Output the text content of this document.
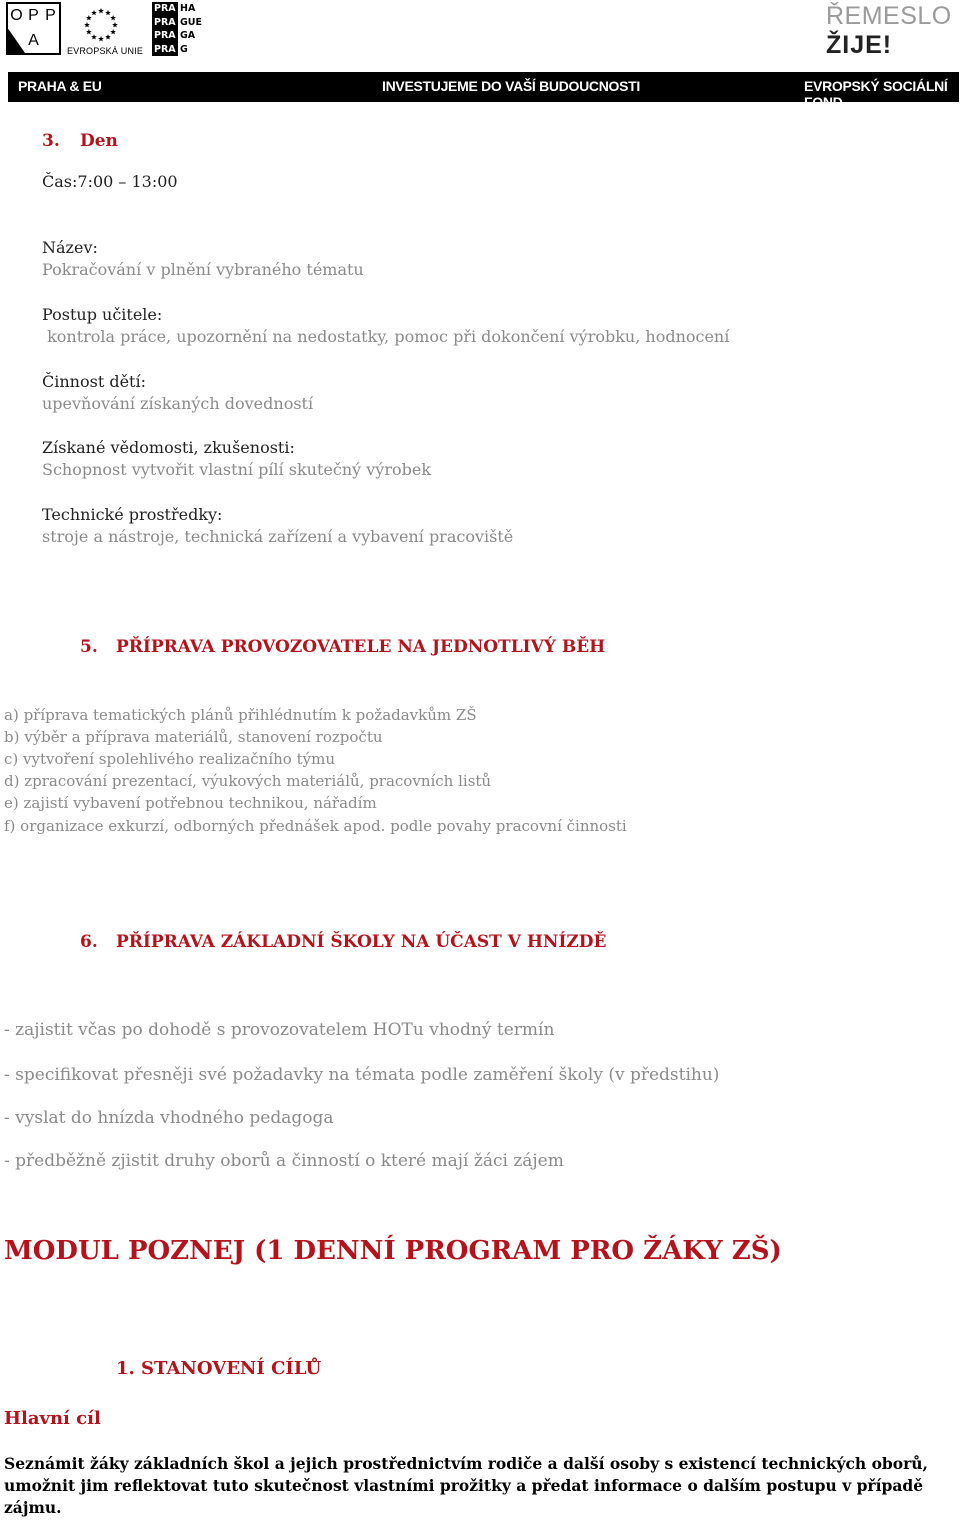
O P P
A
EVROPSKÁ UNIE
PRA
PRA
PRA
PRA
HA
GUE
GA
G
ŘEMESLO
ŽIJE!
PRAHA & EU	INVESTUJEME DO VAŠÍ BUDOUCNOSTI	EVROPSKÝ SOCIÁLNÍ FOND
3. Den
Čas:7:00 – 13:00
Název:
Pokračování v plnění vybraného tématu
Postup učitele:
kontrola práce, upozornění na nedostatky, pomoc při dokončení výrobku, hodnocení
Činnost dětí:
upevňování získaných dovedností
Získané vědomosti, zkušenosti:
Schopnost vytvořit vlastní pílí skutečný výrobek
Technické prostředky:
stroje a nástroje, technická zařízení a vybavení pracoviště
5. PŘÍPRAVA PROVOZOVATELE NA JEDNOTLIVÝ BĚH
a) příprava tematických plánů přihlédnutím k požadavkům ZŠ
b) výběr a příprava materiálů, stanovení rozpočtu
c) vytvoření spolehlivého realizačního týmu
d) zpracování prezentací, výukových materiálů, pracovních listů
e) zajistí vybavení potřebnou technikou, nářadím
f) organizace exkurzí, odborných přednášek apod. podle povahy pracovní činnosti
6. PŘÍPRAVA ZÁKLADNÍ ŠKOLY NA ÚČAST V HNÍZDĚ
- zajistit včas po dohodě s provozovatelem HOTu vhodný termín
- specifikovat přesněji své požadavky na témata podle zaměření školy (v předstihu)
- vyslat do hnízda vhodného pedagoga
- předběžně zjistit druhy oborů a činností o které mají žáci zájem
MODUL POZNEJ (1 DENNÍ PROGRAM PRO ŽÁKY ZŠ)
1. STANOVENÍ CÍLŮ
Hlavní cíl
Seznámit žáky základních škol a jejich prostřednictvím rodiče a další osoby s existencí technických oborů,
umožnit jim reflektovat tuto skutečnost vlastními prožitky a předat informace o dalším postupu v případě
zájmu.
